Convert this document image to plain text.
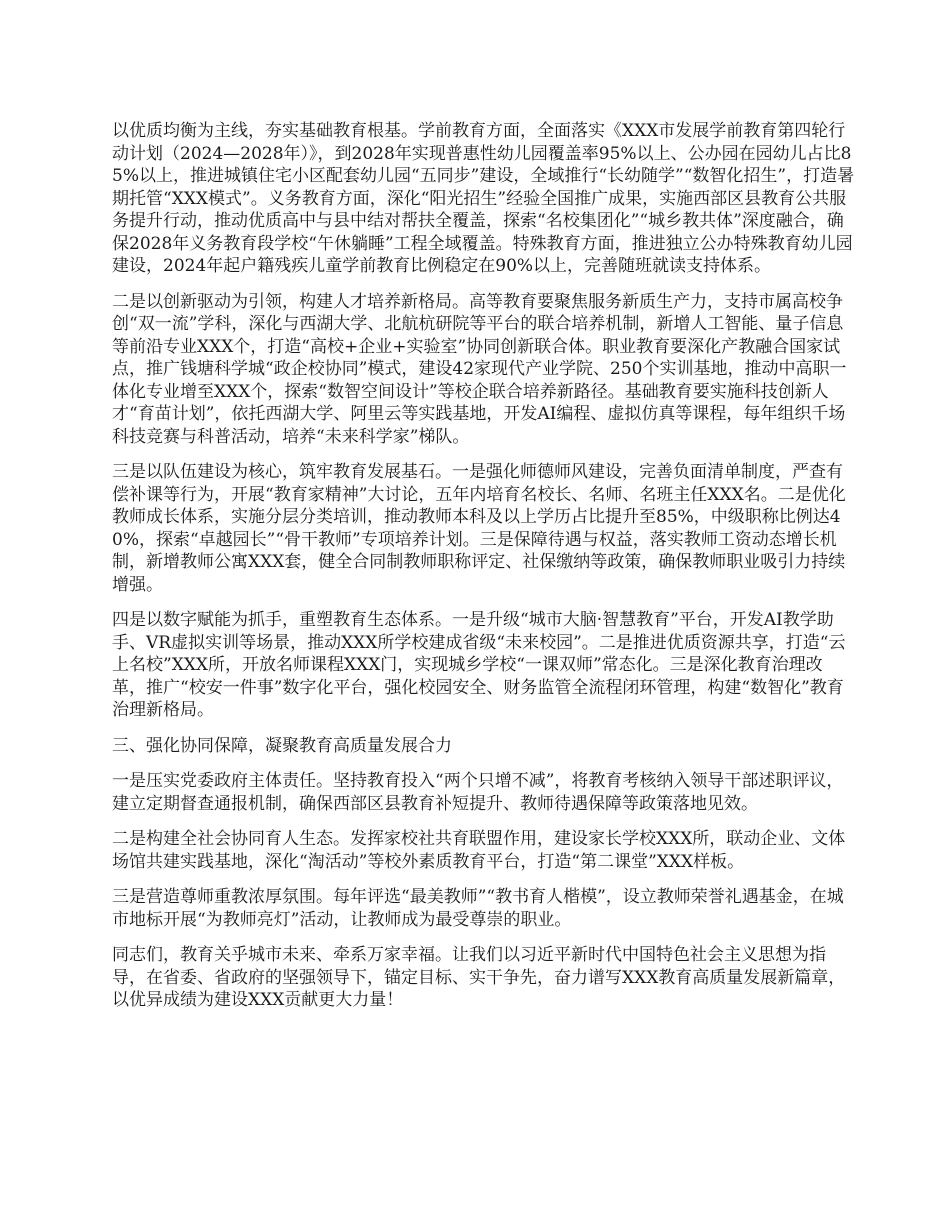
以优质均衡为主线，夯实基础教育根基。学前教育方面，全面落实《XXX市发展学前教育第四轮行动计划（2024—2028年）》，到2028年实现普惠性幼儿园覆盖率95%以上、公办园在园幼儿占比85%以上，推进城镇住宅小区配套幼儿园“五同步”建设，全域推行“长幼随学”“数智化招生”，打造暑期托管“XXX模式”。义务教育方面，深化“阳光招生”经验全国推广成果，实施西部区县教育公共服务提升行动，推动优质高中与县中结对帮扶全覆盖，探索“名校集团化”“城乡教共体”深度融合，确保2028年义务教育段学校“午休躺睡”工程全域覆盖。特殊教育方面，推进独立公办特殊教育幼儿园建设，2024年起户籍残疾儿童学前教育比例稳定在90%以上，完善随班就读支持体系。

二是以创新驱动为引领，构建人才培养新格局。高等教育要聚焦服务新质生产力，支持市属高校争创“双一流”学科，深化与西湖大学、北航杭研院等平台的联合培养机制，新增人工智能、量子信息等前沿专业XXX个，打造“高校+企业+实验室”协同创新联合体。职业教育要深化产教融合国家试点，推广钱塘科学城“政企校协同”模式，建设42家现代产业学院、250个实训基地，推动中高职一体化专业增至XXX个，探索“数智空间设计”等校企联合培养新路径。基础教育要实施科技创新人才“育苗计划”，依托西湖大学、阿里云等实践基地，开发AI编程、虚拟仿真等课程，每年组织千场科技竞赛与科普活动，培养“未来科学家”梯队。

三是以队伍建设为核心，筑牢教育发展基石。一是强化师德师风建设，完善负面清单制度，严查有偿补课等行为，开展“教育家精神”大讨论，五年内培育名校长、名师、名班主任XXX名。二是优化教师成长体系，实施分层分类培训，推动教师本科及以上学历占比提升至85%，中级职称比例达40%，探索“卓越园长”“骨干教师”专项培养计划。三是保障待遇与权益，落实教师工资动态增长机制，新增教师公寓XXX套，健全合同制教师职称评定、社保缴纳等政策，确保教师职业吸引力持续增强。

四是以数字赋能为抓手，重塑教育生态体系。一是升级“城市大脑·智慧教育”平台，开发AI教学助手、VR虚拟实训等场景，推动XXX所学校建成省级“未来校园”。二是推进优质资源共享，打造“云上名校”XXX所，开放名师课程XXX门，实现城乡学校“一课双师”常态化。三是深化教育治理改革，推广“校安一件事”数字化平台，强化校园安全、财务监管全流程闭环管理，构建“数智化”教育治理新格局。

三、强化协同保障，凝聚教育高质量发展合力

一是压实党委政府主体责任。坚持教育投入“两个只增不减”，将教育考核纳入领导干部述职评议，建立定期督查通报机制，确保西部区县教育补短提升、教师待遇保障等政策落地见效。

二是构建全社会协同育人生态。发挥家校社共育联盟作用，建设家长学校XXX所，联动企业、文体场馆共建实践基地，深化“淘活动”等校外素质教育平台，打造“第二课堂”XXX样板。

三是营造尊师重教浓厚氛围。每年评选“最美教师”“教书育人楷模”，设立教师荣誉礼遇基金，在城市地标开展“为教师亮灯”活动，让教师成为最受尊崇的职业。

同志们，教育关乎城市未来、牵系万家幸福。让我们以习近平新时代中国特色社会主义思想为指导，在省委、省政府的坚强领导下，锚定目标、实干争先，奋力谱写XXX教育高质量发展新篇章，以优异成绩为建设XXX贡献更大力量！
